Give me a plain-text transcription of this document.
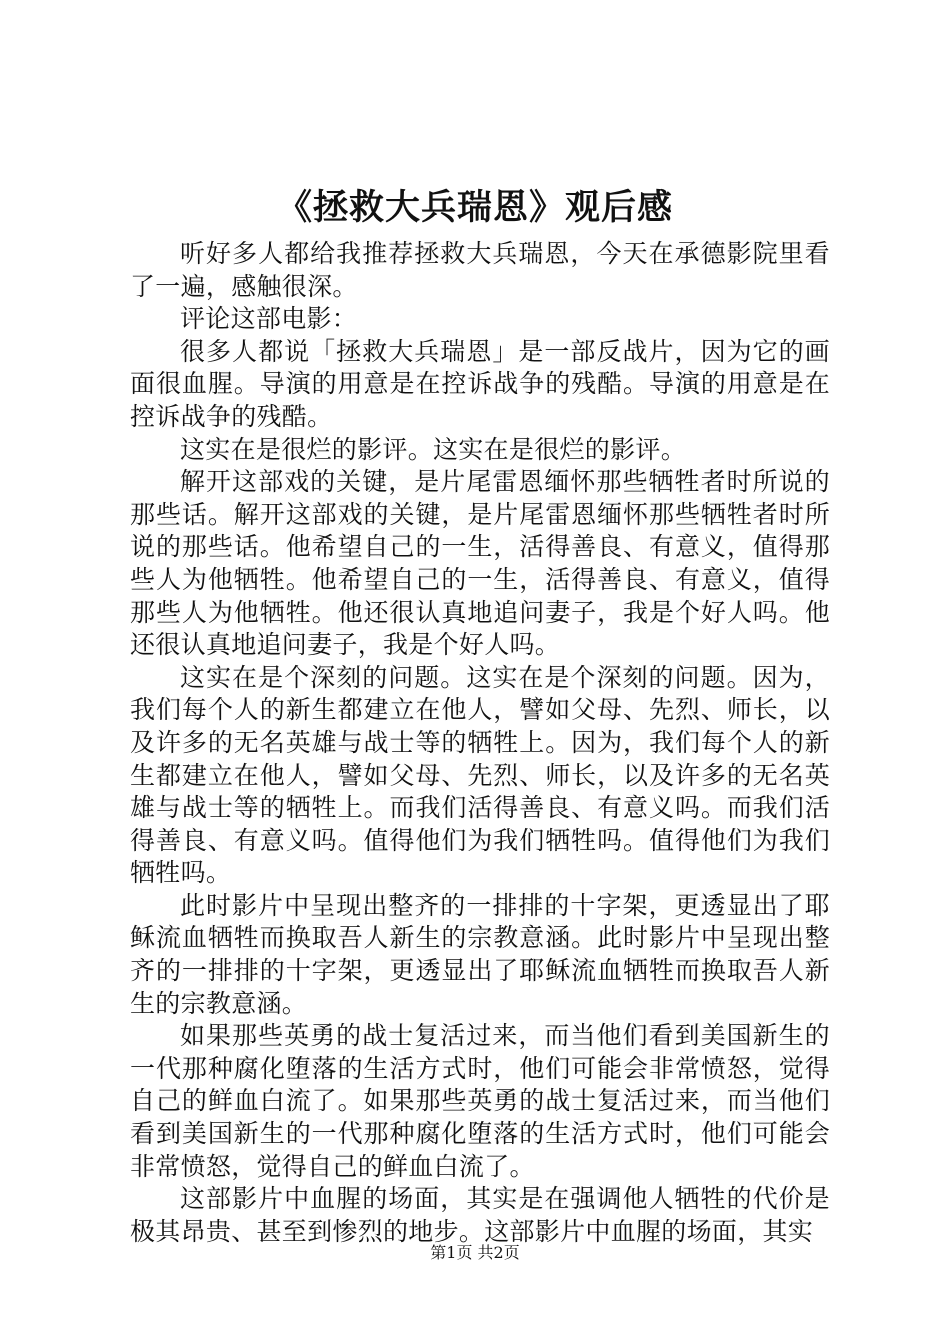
《拯救大兵瑞恩》观后感

听好多人都给我推荐拯救大兵瑞恩，今天在承德影院里看了一遍，感触很深。

评论这部电影：

很多人都说「拯救大兵瑞恩」是一部反战片，因为它的画面很血腥。导演的用意是在控诉战争的残酷。导演的用意是在控诉战争的残酷。

这实在是很烂的影评。这实在是很烂的影评。

解开这部戏的关键，是片尾雷恩缅怀那些牺牲者时所说的那些话。解开这部戏的关键，是片尾雷恩缅怀那些牺牲者时所说的那些话。他希望自己的一生，活得善良、有意义，值得那些人为他牺牲。他希望自己的一生，活得善良、有意义，值得那些人为他牺牲。他还很认真地追问妻子，我是个好人吗。他还很认真地追问妻子，我是个好人吗。

这实在是个深刻的问题。这实在是个深刻的问题。因为，我们每个人的新生都建立在他人，譬如父母、先烈、师长，以及许多的无名英雄与战士等的牺牲上。因为，我们每个人的新生都建立在他人，譬如父母、先烈、师长，以及许多的无名英雄与战士等的牺牲上。而我们活得善良、有意义吗。而我们活得善良、有意义吗。值得他们为我们牺牲吗。值得他们为我们牺牲吗。

此时影片中呈现出整齐的一排排的十字架，更透显出了耶稣流血牺牲而换取吾人新生的宗教意涵。此时影片中呈现出整齐的一排排的十字架，更透显出了耶稣流血牺牲而换取吾人新生的宗教意涵。

如果那些英勇的战士复活过来，而当他们看到美国新生的一代那种腐化堕落的生活方式时，他们可能会非常愤怒，觉得自己的鲜血白流了。如果那些英勇的战士复活过来，而当他们看到美国新生的一代那种腐化堕落的生活方式时，他们可能会非常愤怒，觉得自己的鲜血白流了。

这部影片中血腥的场面，其实是在强调他人牺牲的代价是极其昂贵、甚至到惨烈的地步。这部影片中血腥的场面，其实

第1页 共2页
